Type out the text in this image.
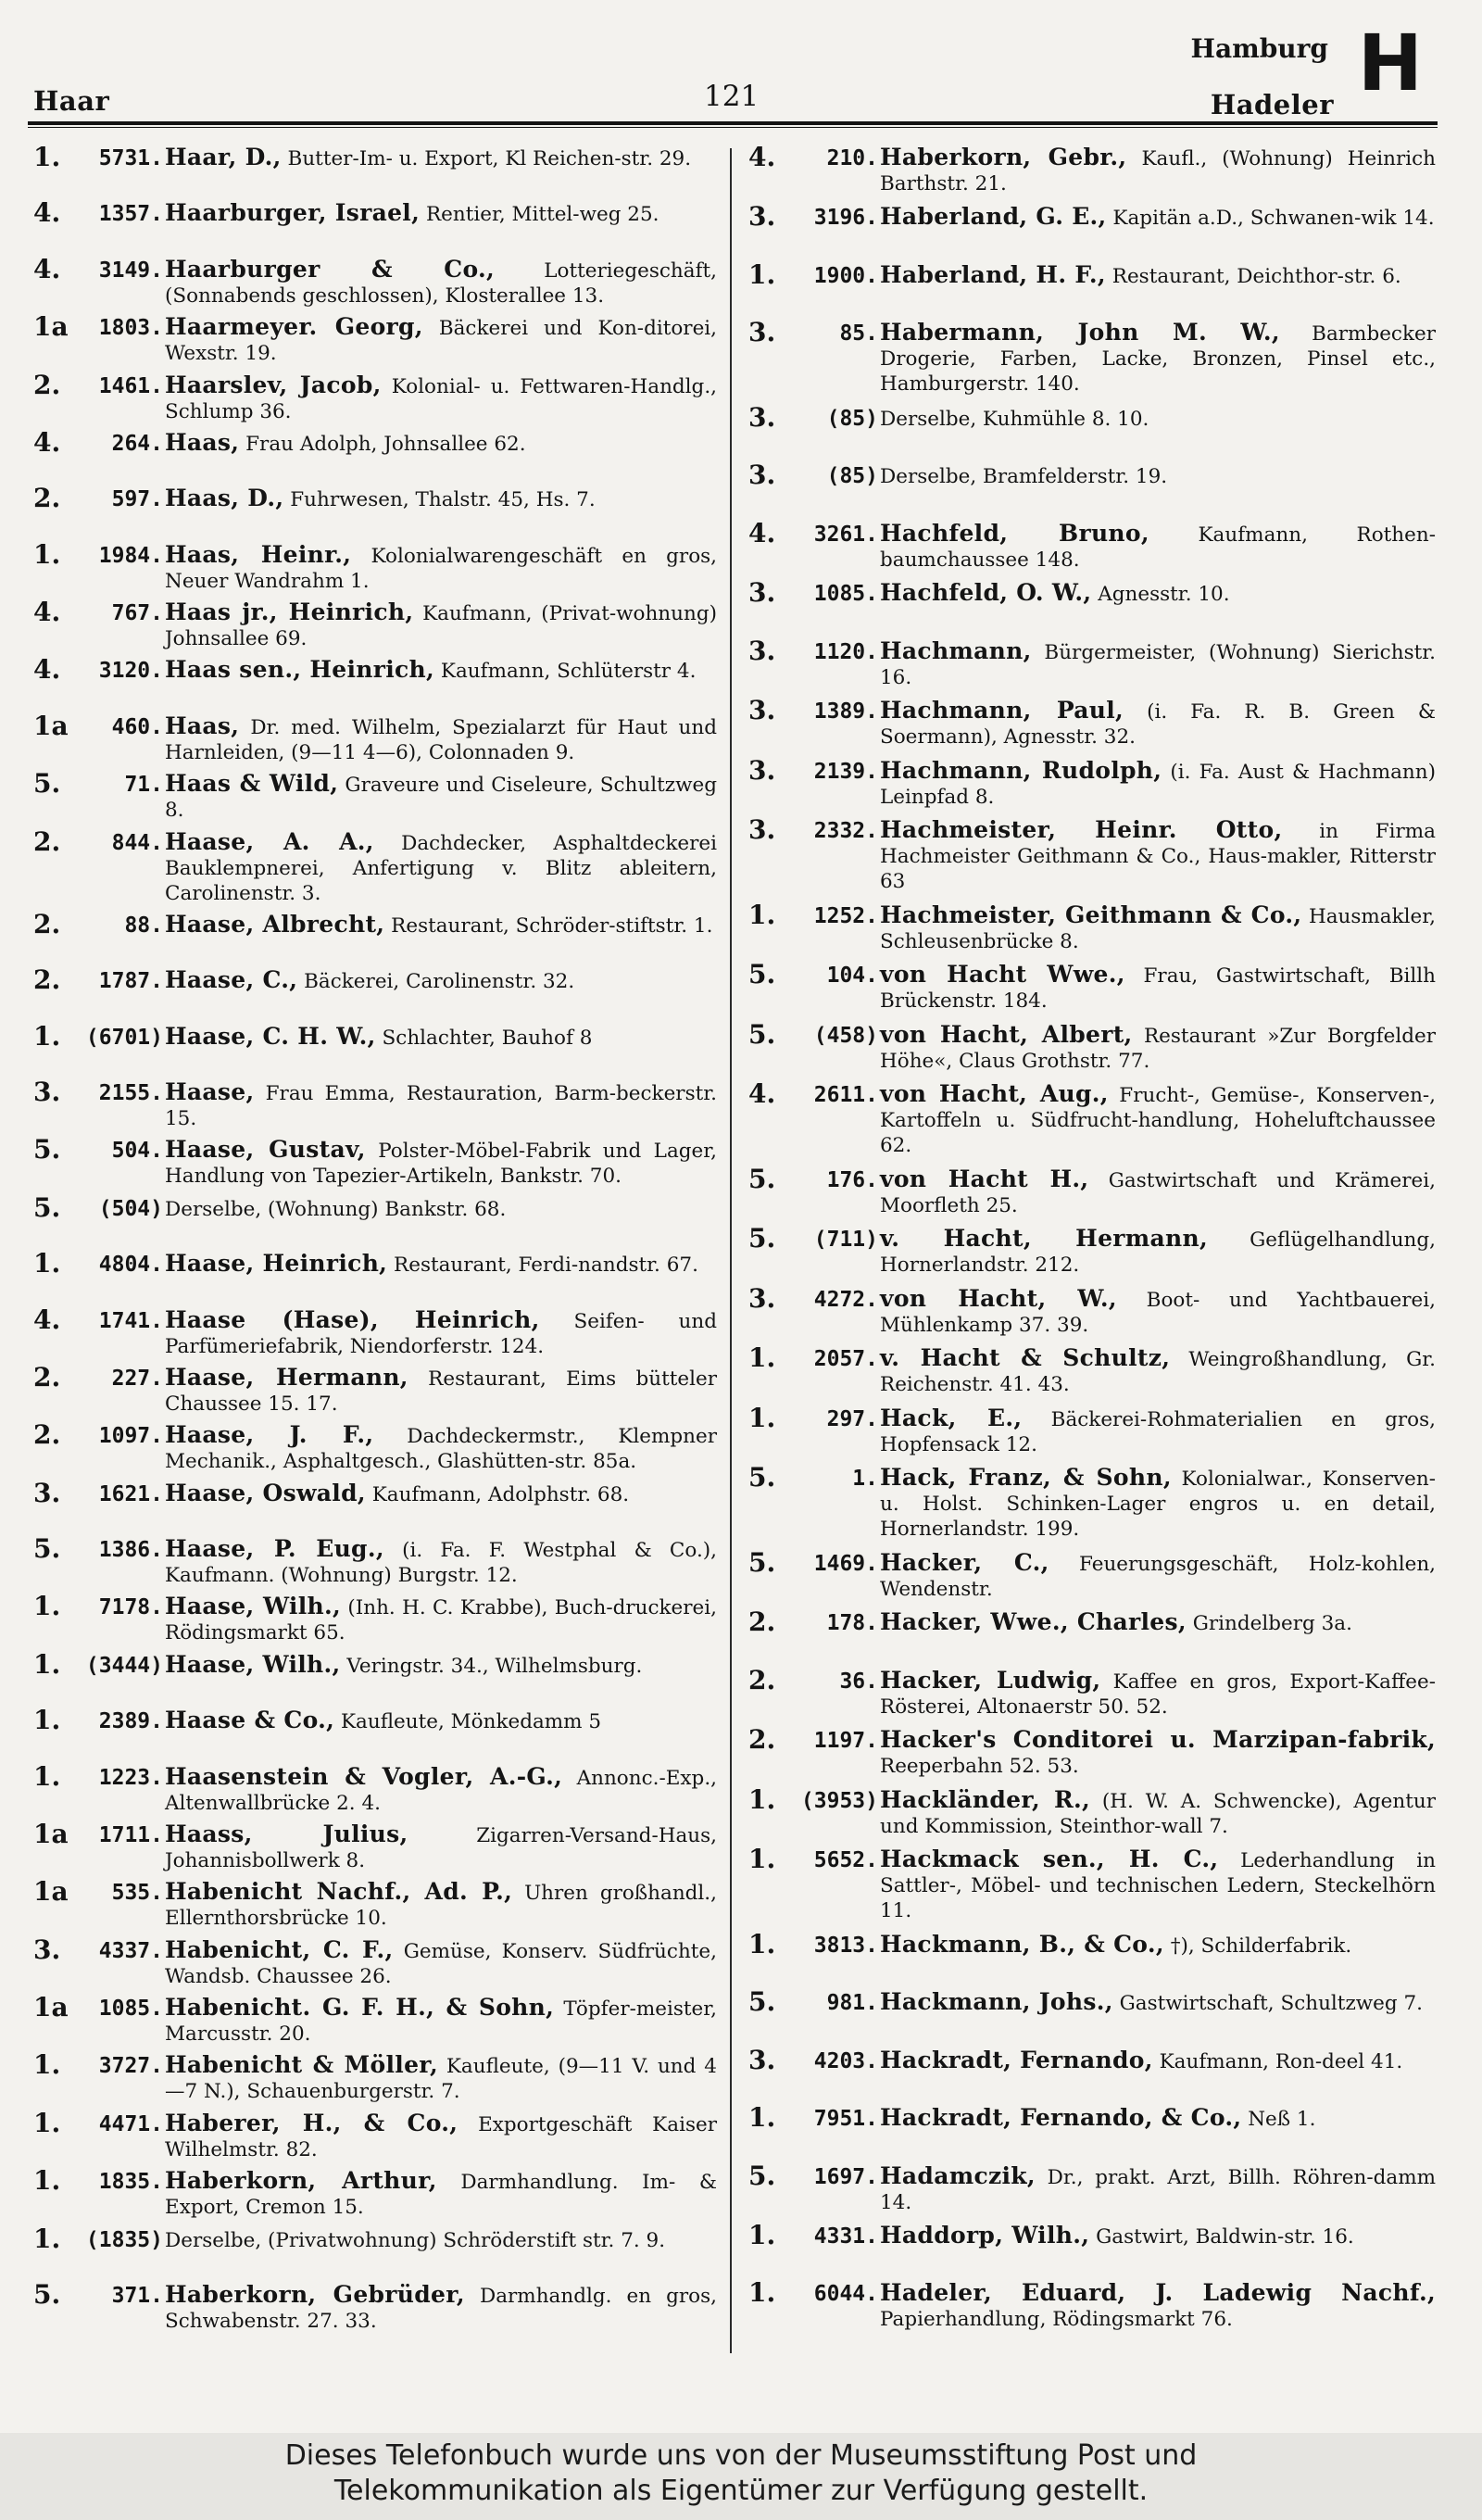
Haar	121
Hamburg
Hadeler H
1.	5731. Haar, D., Butter-Im- u. Export, Kl Reichen-str. 29.
4.	1357. Haarburger, Israel, Rentier, Mittel-weg 25.
4.	3149. Haarburger & Co., Lotteriegeschäft, (Sonnabends geschlossen), Klosterallee 13.
1a	1803. Haarmeyer. Georg, Bäckerei und Kon-ditorei, Wexstr. 19.
2.	1461. Haarslev, Jacob, Kolonial- u. Fettwaren-Handlg., Schlump 36.
4.	264. Haas, Frau Adolph, Johnsallee 62.
2.	597. Haas, D., Fuhrwesen, Thalstr. 45, Hs. 7.
1.	1984. Haas, Heinr., Kolonialwarengeschäft en gros, Neuer Wandrahm 1.
4.	767. Haas jr., Heinrich, Kaufmann, (Privat-wohnung) Johnsallee 69.
4.	3120. Haas sen., Heinrich, Kaufmann, Schlüterstr 4.
1a	460. Haas, Dr. med. Wilhelm, Spezialarzt für Haut und Harnleiden, (9—11 4—6), Colonnaden 9.
5.	71. Haas & Wild, Graveure und Ciseleure, Schultzweg 8.
2.	844. Haase, A. A., Dachdecker, Asphaltdeckerei Bauklempnerei, Anfertigung v. Blitz ableitern, Carolinenstr. 3.
2.	88. Haase, Albrecht, Restaurant, Schröder-stiftstr. 1.
2.	1787. Haase, C., Bäckerei, Carolinenstr. 32.
1.	(6701) Haase, C. H. W., Schlachter, Bauhof 8
3.	2155. Haase, Frau Emma, Restauration, Barm-beckerstr. 15.
5.	504. Haase, Gustav, Polster-Möbel-Fabrik und Lager, Handlung von Tapezier-Artikeln, Bankstr. 70.
5.	(504) Derselbe, (Wohnung) Bankstr. 68.
1.	4804. Haase, Heinrich, Restaurant, Ferdi-nandstr. 67.
4.	1741. Haase (Hase), Heinrich, Seifen- und Parfümeriefabrik, Niendorferstr. 124.
2.	227. Haase, Hermann, Restaurant, Eims bütteler Chaussee 15. 17.
2.	1097. Haase, J. F., Dachdeckermstr., Klempner Mechanik., Asphaltgesch., Glashütten-str. 85a.
3.	1621. Haase, Oswald, Kaufmann, Adolphstr. 68.
5.	1386. Haase, P. Eug., (i. Fa. F. Westphal & Co.), Kaufmann. (Wohnung) Burgstr. 12.
1.	7178. Haase, Wilh., (Inh. H. C. Krabbe), Buch-druckerei, Rödingsmarkt 65.
1.	(3444) Haase, Wilh., Veringstr. 34., Wilhelmsburg.
1.	2389. Haase & Co., Kaufleute, Mönkedamm 5
1.	1223. Haasenstein & Vogler, A.-G., Annonc.-Exp., Altenwallbrücke 2. 4.
1a	1711. Haass, Julius,	Zigarren-Versand-Haus, Johannisbollwerk 8.
1a	535. Habenicht Nachf., Ad. P., Uhren großhandl., Ellernthorsbrücke 10.
3.	4337. Habenicht, C. F., Gemüse, Konserv. Südfrüchte, Wandsb. Chaussee 26.
1a	1085. Habenicht. G. F. H., & Sohn, Töpfer-meister, Marcusstr. 20.
1.	3727. Habenicht & Möller, Kaufleute, (9—11 V. und 4—7 N.), Schauenburgerstr. 7.
1.	4471. Haberer, H., & Co., Exportgeschäft Kaiser Wilhelmstr. 82.
1.	1835. Haberkorn, Arthur, Darmhandlung. Im- & Export, Cremon 15.
1.	(1835) Derselbe, (Privatwohnung) Schröderstift str. 7. 9.
5.	371. Haberkorn, Gebrüder, Darmhandlg. en gros, Schwabenstr. 27. 33.
4.	210. Haberkorn, Gebr., Kaufl., (Wohnung) Heinrich Barthstr. 21.
3.	3196. Haberland, G. E., Kapitän a.D., Schwanen-wik 14.
1.	1900. Haberland, H. F., Restaurant, Deichthor-str. 6.
3.	85. Habermann, John M. W., Barmbecker Drogerie, Farben, Lacke, Bronzen, Pinsel etc., Hamburgerstr. 140.
3.	(85) Derselbe, Kuhmühle 8. 10.
3.	(85) Derselbe, Bramfelderstr. 19.
4.	3261. Hachfeld, Bruno, Kaufmann, Rothen-baumchaussee 148.
3.	1085. Hachfeld, O. W., Agnesstr. 10.
3.	1120. Hachmann, Bürgermeister, (Wohnung) Sierichstr. 16.
3.	1389. Hachmann, Paul, (i. Fa. R. B. Green & Soermann), Agnesstr. 32.
3.	2139. Hachmann, Rudolph, (i. Fa. Aust & Hachmann) Leinpfad 8.
3.	2332. Hachmeister, Heinr. Otto, in Firma Hachmeister Geithmann & Co., Haus-makler, Ritterstr 63
1.	1252. Hachmeister, Geithmann & Co., Hausmakler, Schleusenbrücke 8.
5.	104. von Hacht Wwe., Frau, Gastwirtschaft, Billh Brückenstr. 184.
5.	(458) von Hacht, Albert, Restaurant »Zur Borgfelder Höhe«, Claus Grothstr. 77.
4.	2611. von Hacht, Aug., Frucht-, Gemüse-, Konserven-, Kartoffeln u. Südfrucht-handlung, Hoheluftchaussee 62.
5.	176. von Hacht H., Gastwirtschaft und Krämerei, Moorfleth 25.
5.	(711) v. Hacht, Hermann, Geflügelhandlung, Hornerlandstr. 212.
3.	4272. von Hacht, W., Boot- und Yachtbauerei, Mühlenkamp 37. 39.
1.	2057. v. Hacht & Schultz, Weingroßhandlung, Gr. Reichenstr. 41. 43.
1.	297. Hack, E., Bäckerei-Rohmaterialien en gros, Hopfensack 12.
5.	1. Hack, Franz, & Sohn, Kolonialwar., Konserven- u. Holst. Schinken-Lager engros u. en detail, Hornerlandstr. 199.
5.	1469. Hacker, C., Feuerungsgeschäft, Holz-kohlen, Wendenstr.
2.	178. Hacker, Wwe., Charles, Grindelberg 3a.
2.	36. Hacker, Ludwig, Kaffee en gros, Export-Kaffee-Rösterei, Altonaerstr 50. 52.
2.	1197. Hacker's Conditorei u. Marzipan-fabrik, Reeperbahn 52. 53.
1.	(3953) Hackländer, R., (H. W. A. Schwencke), Agentur und Kommission, Steinthor-wall 7.
1.	5652. Hackmack sen., H. C., Lederhandlung in Sattler-, Möbel- und technischen Ledern, Steckelhörn 11.
1.	3813. Hackmann, B., & Co., †), Schilderfabrik.
5.	981. Hackmann, Johs., Gastwirtschaft, Schultzweg 7.
3.	4203. Hackradt, Fernando, Kaufmann, Ron-deel 41.
1.	7951. Hackradt, Fernando, & Co., Neß 1.
5.	1697. Hadamczik, Dr., prakt. Arzt, Billh. Röhren-damm 14.
1.	4331. Haddorp, Wilh., Gastwirt, Baldwin-str. 16.
1.	6044. Hadeler, Eduard, J. Ladewig Nachf., Papierhandlung, Rödingsmarkt 76.
Dieses Telefonbuch wurde uns von der Museumsstiftung Post und
Telekommunikation als Eigentümer zur Verfügung gestellt.
